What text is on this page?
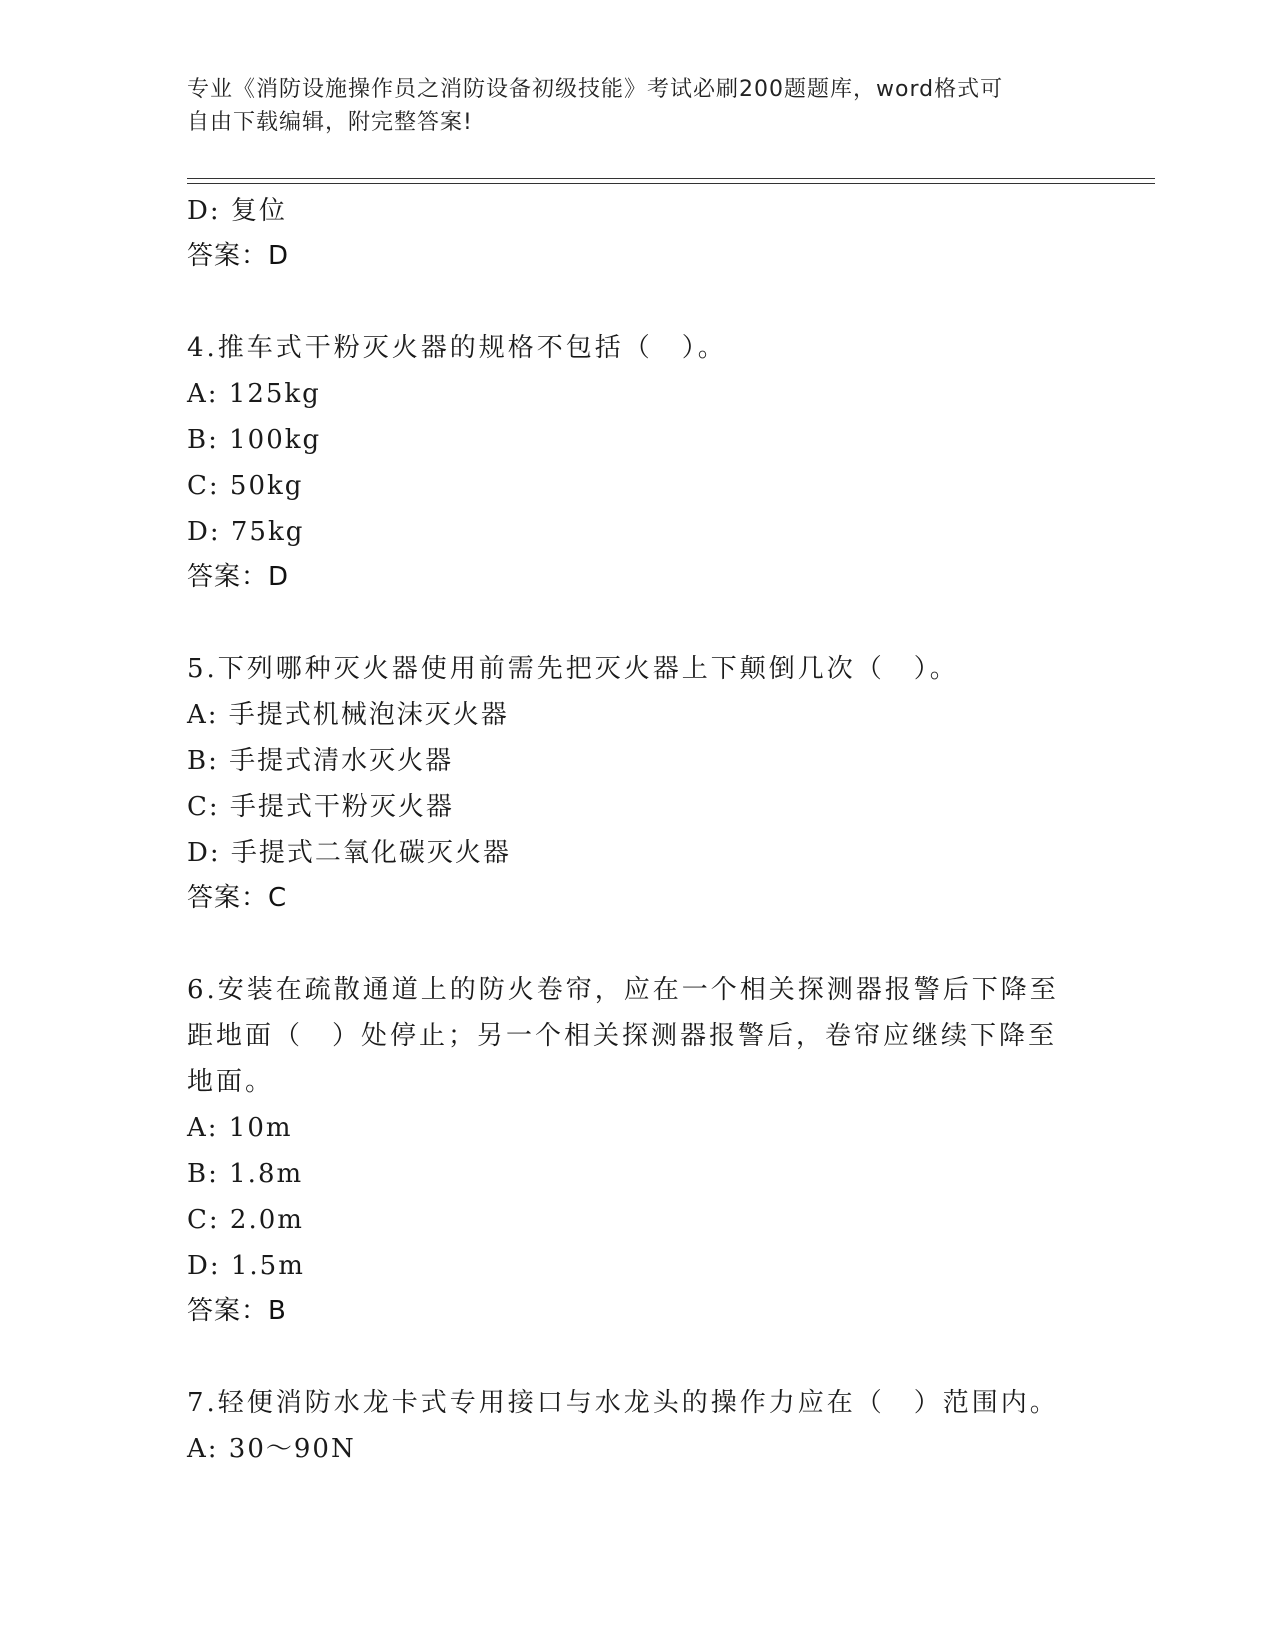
专业《消防设施操作员之消防设备初级技能》考试必刷200题题库，word格式可
自由下载编辑，附完整答案!
D: 复位
答案：D
4.推车式干粉灭火器的规格不包括（　）。
A: 125kg
B: 100kg
C: 50kg
D: 75kg
答案：D
5.下列哪种灭火器使用前需先把灭火器上下颠倒几次（　）。
A: 手提式机械泡沫灭火器
B: 手提式清水灭火器
C: 手提式干粉灭火器
D: 手提式二氧化碳灭火器
答案：C
6.安装在疏散通道上的防火卷帘，应在一个相关探测器报警后下降至
距地面（　）处停止；另一个相关探测器报警后，卷帘应继续下降至
地面。
A: 10m
B: 1.8m
C: 2.0m
D: 1.5m
答案：B
7.轻便消防水龙卡式专用接口与水龙头的操作力应在（　）范围内。
A: 30～90N
